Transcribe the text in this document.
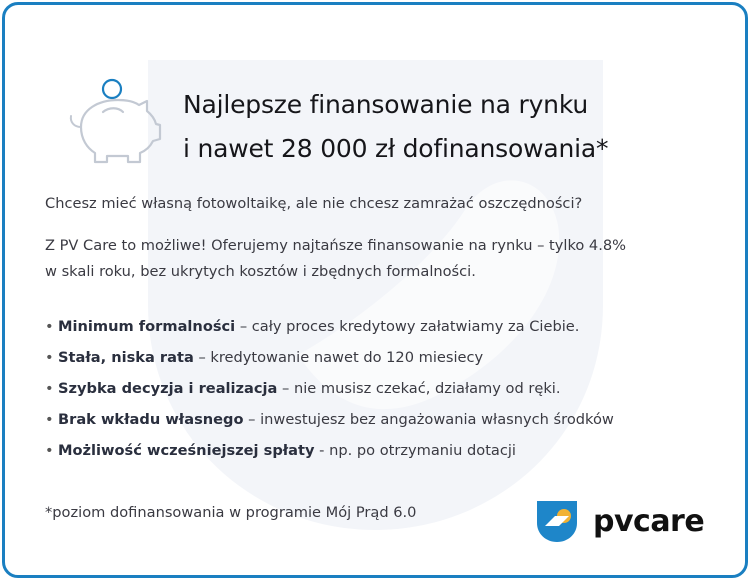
Najlepsze finansowanie na rynku
i nawet 28 000 zł dofinansowania*

Chcesz mieć własną fotowoltaikę, ale nie chcesz zamrażać oszczędności?

Z PV Care to możliwe! Oferujemy najtańsze finansowanie na rynku – tylko 4.8%
w skali roku, bez ukrytych kosztów i zbędnych formalności.

• Minimum formalności – cały proces kredytowy załatwiamy za Ciebie.
• Stała, niska rata – kredytowanie nawet do 120 miesiecy
• Szybka decyzja i realizacja – nie musisz czekać, działamy od ręki.
• Brak wkładu własnego – inwestujesz bez angażowania własnych środków
• Możliwość wcześniejszej spłaty - np. po otrzymaniu dotacji

*poziom dofinansowania w programie Mój Prąd 6.0	pvcare
